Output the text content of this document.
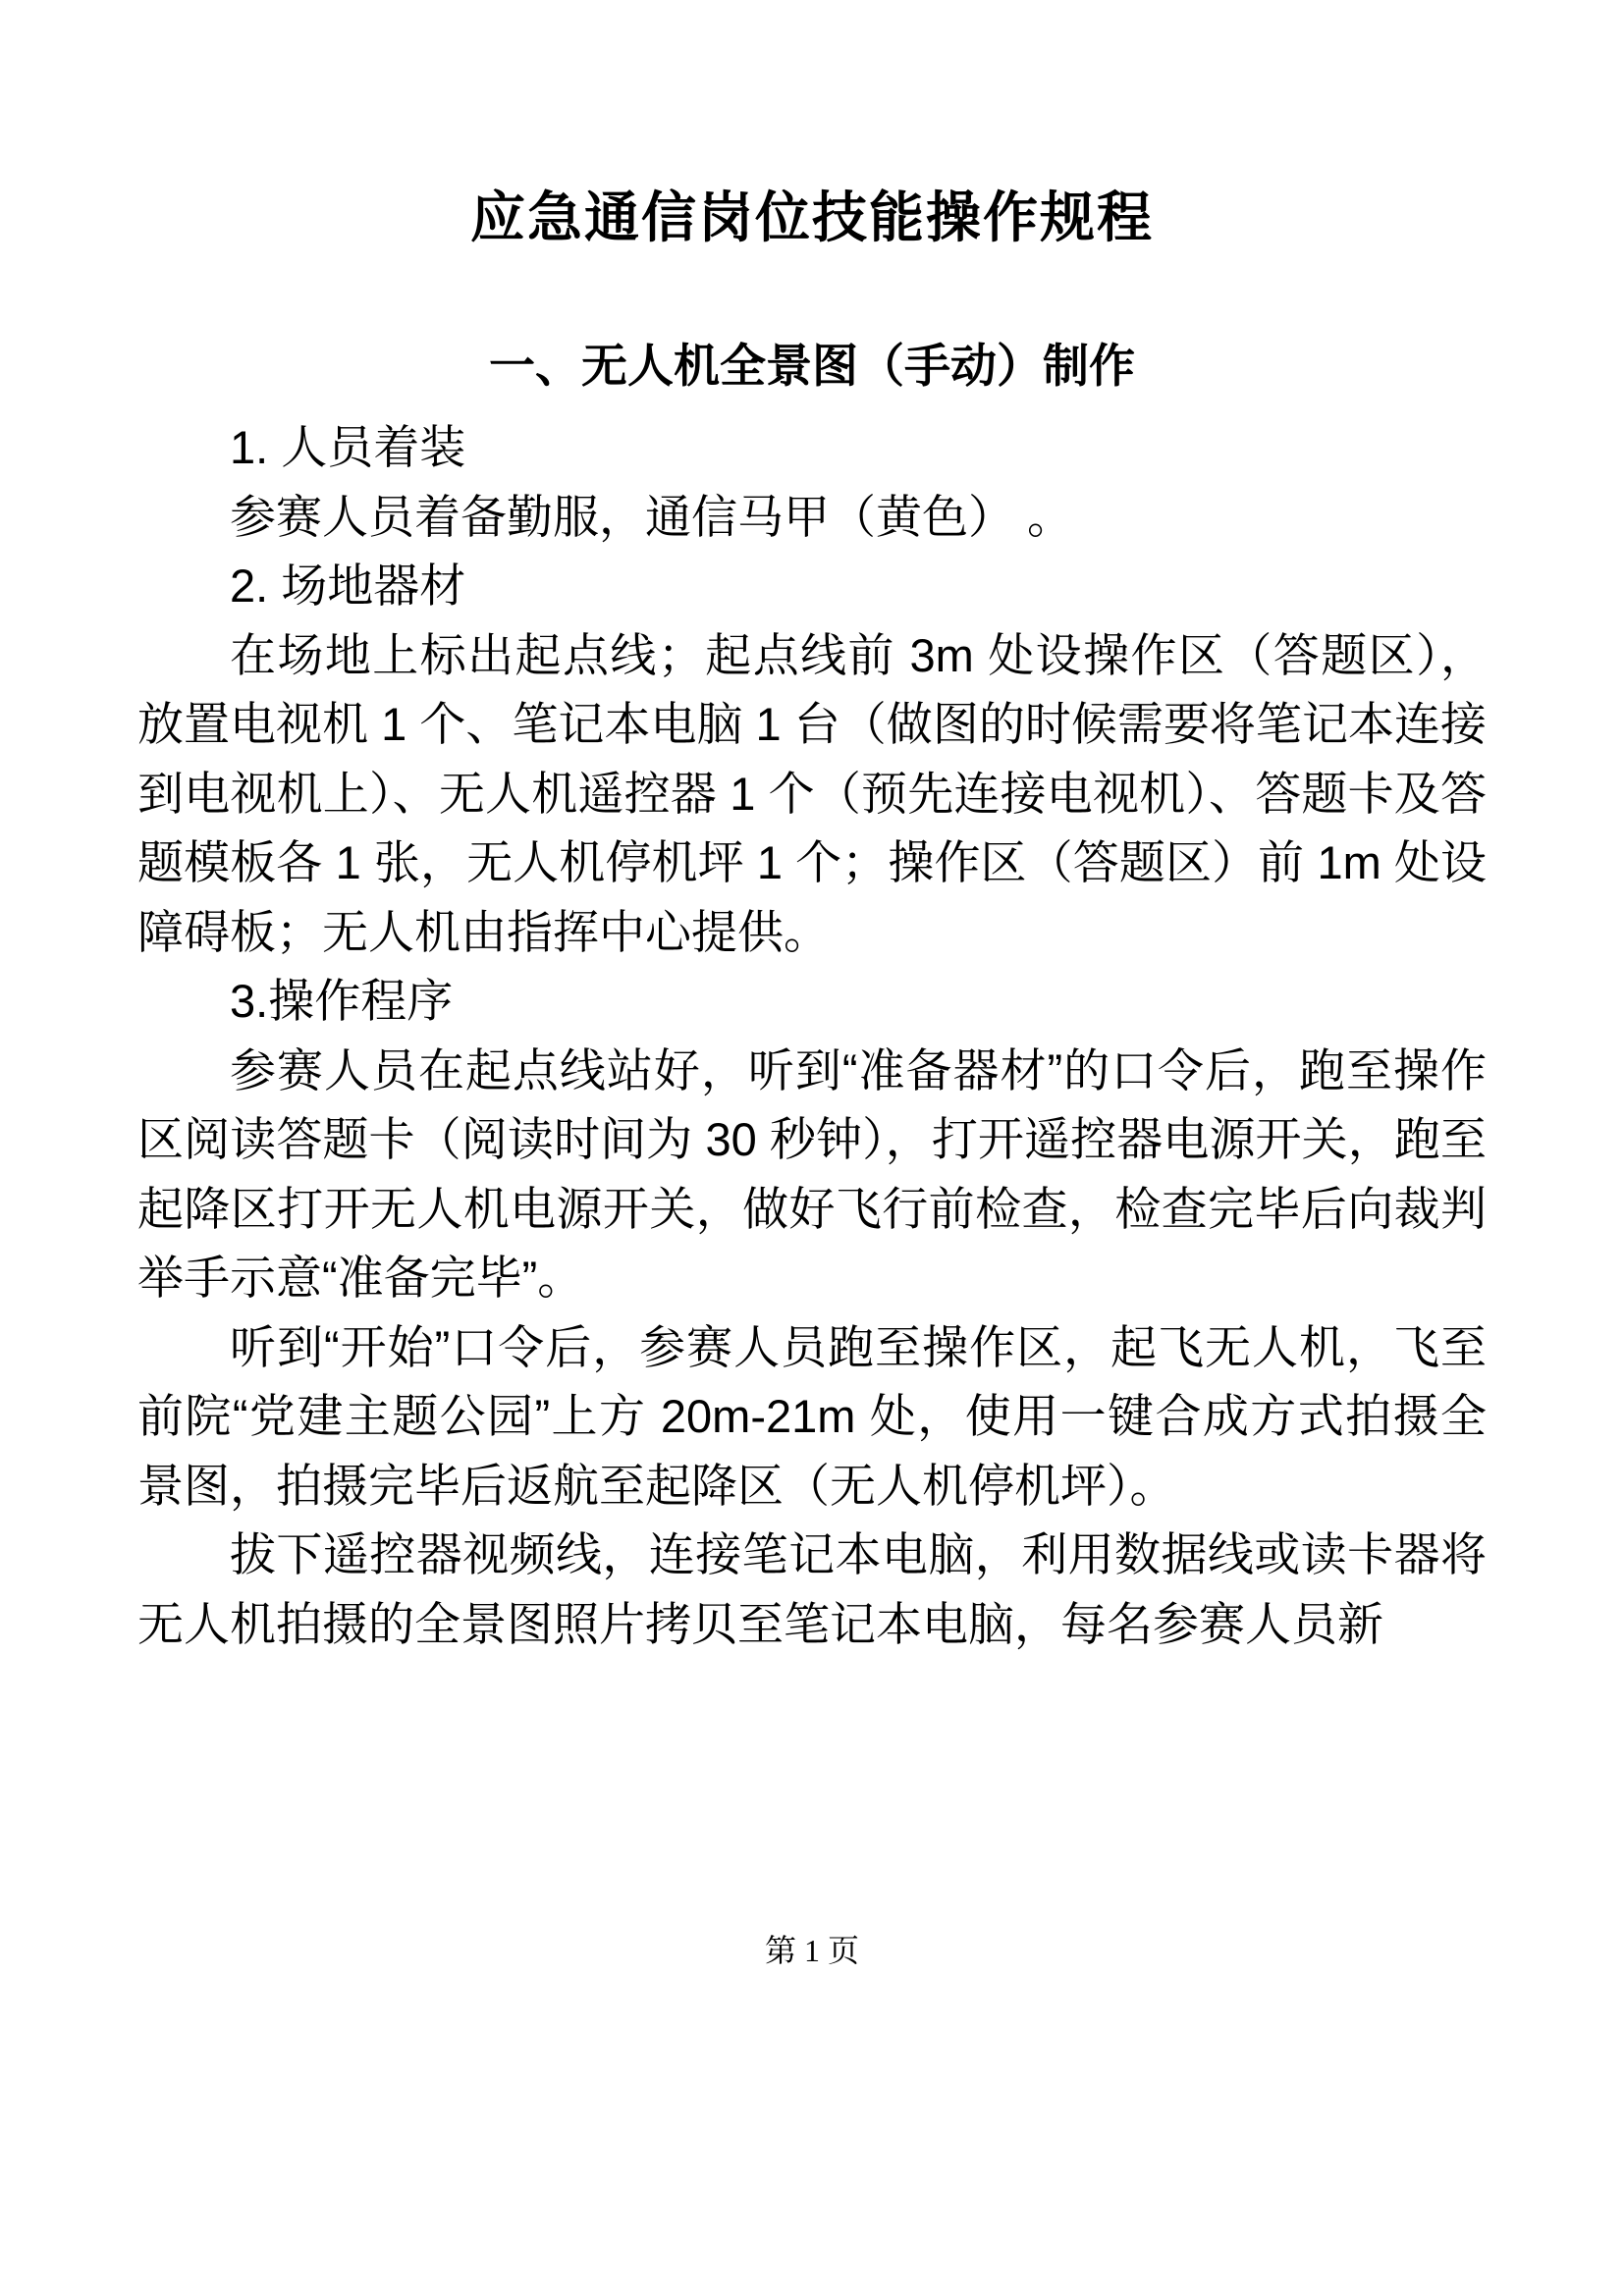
应急通信岗位技能操作规程
一、无人机全景图（手动）制作

1. 人员着装

参赛人员着备勤服，通信马甲（黄色） 。

2. 场地器材

在场地上标出起点线；起点线前 3m 处设操作区（答题区），放置电视机 1 个、笔记本电脑 1 台（做图的时候需要将笔记本连接到电视机上）、无人机遥控器 1 个（预先连接电视机）、答题卡及答题模板各 1 张，无人机停机坪 1 个；操作区（答题区）前 1m 处设障碍板；无人机由指挥中心提供。

3.操作程序

参赛人员在起点线站好，听到“准备器材”的口令后，跑至操作区阅读答题卡（阅读时间为 30 秒钟），打开遥控器电源开关，跑至起降区打开无人机电源开关，做好飞行前检查，检查完毕后向裁判举手示意“准备完毕”。

听到“开始”口令后，参赛人员跑至操作区，起飞无人机，飞至前院“党建主题公园”上方 20m-21m 处，使用一键合成方式拍摄全景图，拍摄完毕后返航至起降区（无人机停机坪）。

拔下遥控器视频线，连接笔记本电脑，利用数据线或读卡器将无人机拍摄的全景图照片拷贝至笔记本电脑，每名参赛人员新

第 1 页
